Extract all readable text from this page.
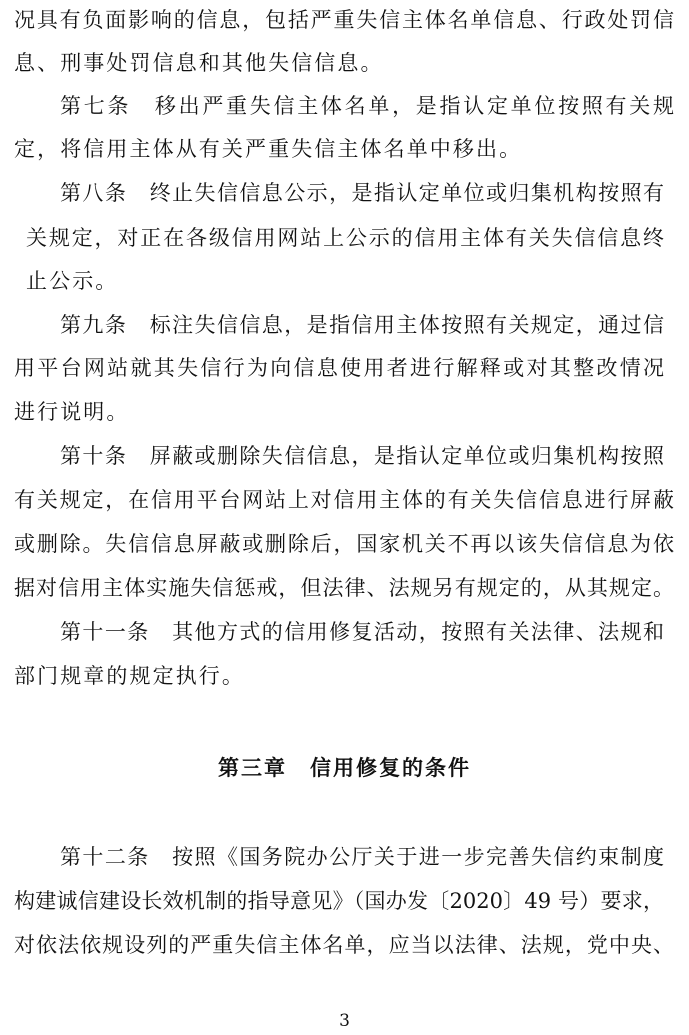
况具有负面影响的信息，包括严重失信主体名单信息、行政处罚信
息、刑事处罚信息和其他失信信息。
第七条　移出严重失信主体名单，是指认定单位按照有关规
定，将信用主体从有关严重失信主体名单中移出。
第八条　终止失信信息公示，是指认定单位或归集机构按照有
关规定，对正在各级信用网站上公示的信用主体有关失信信息终
止公示。
第九条　标注失信信息，是指信用主体按照有关规定，通过信
用平台网站就其失信行为向信息使用者进行解释或对其整改情况
进行说明。
第十条　屏蔽或删除失信信息，是指认定单位或归集机构按照
有关规定，在信用平台网站上对信用主体的有关失信信息进行屏蔽
或删除。失信信息屏蔽或删除后，国家机关不再以该失信信息为依
据对信用主体实施失信惩戒，但法律、法规另有规定的，从其规定。
第十一条　其他方式的信用修复活动，按照有关法律、法规和
部门规章的规定执行。
第三章　信用修复的条件
第十二条　按照《国务院办公厅关于进一步完善失信约束制度
构建诚信建设长效机制的指导意见》（国办发〔2020〕49 号）要求，
对依法依规设列的严重失信主体名单，应当以法律、法规，党中央、
3
